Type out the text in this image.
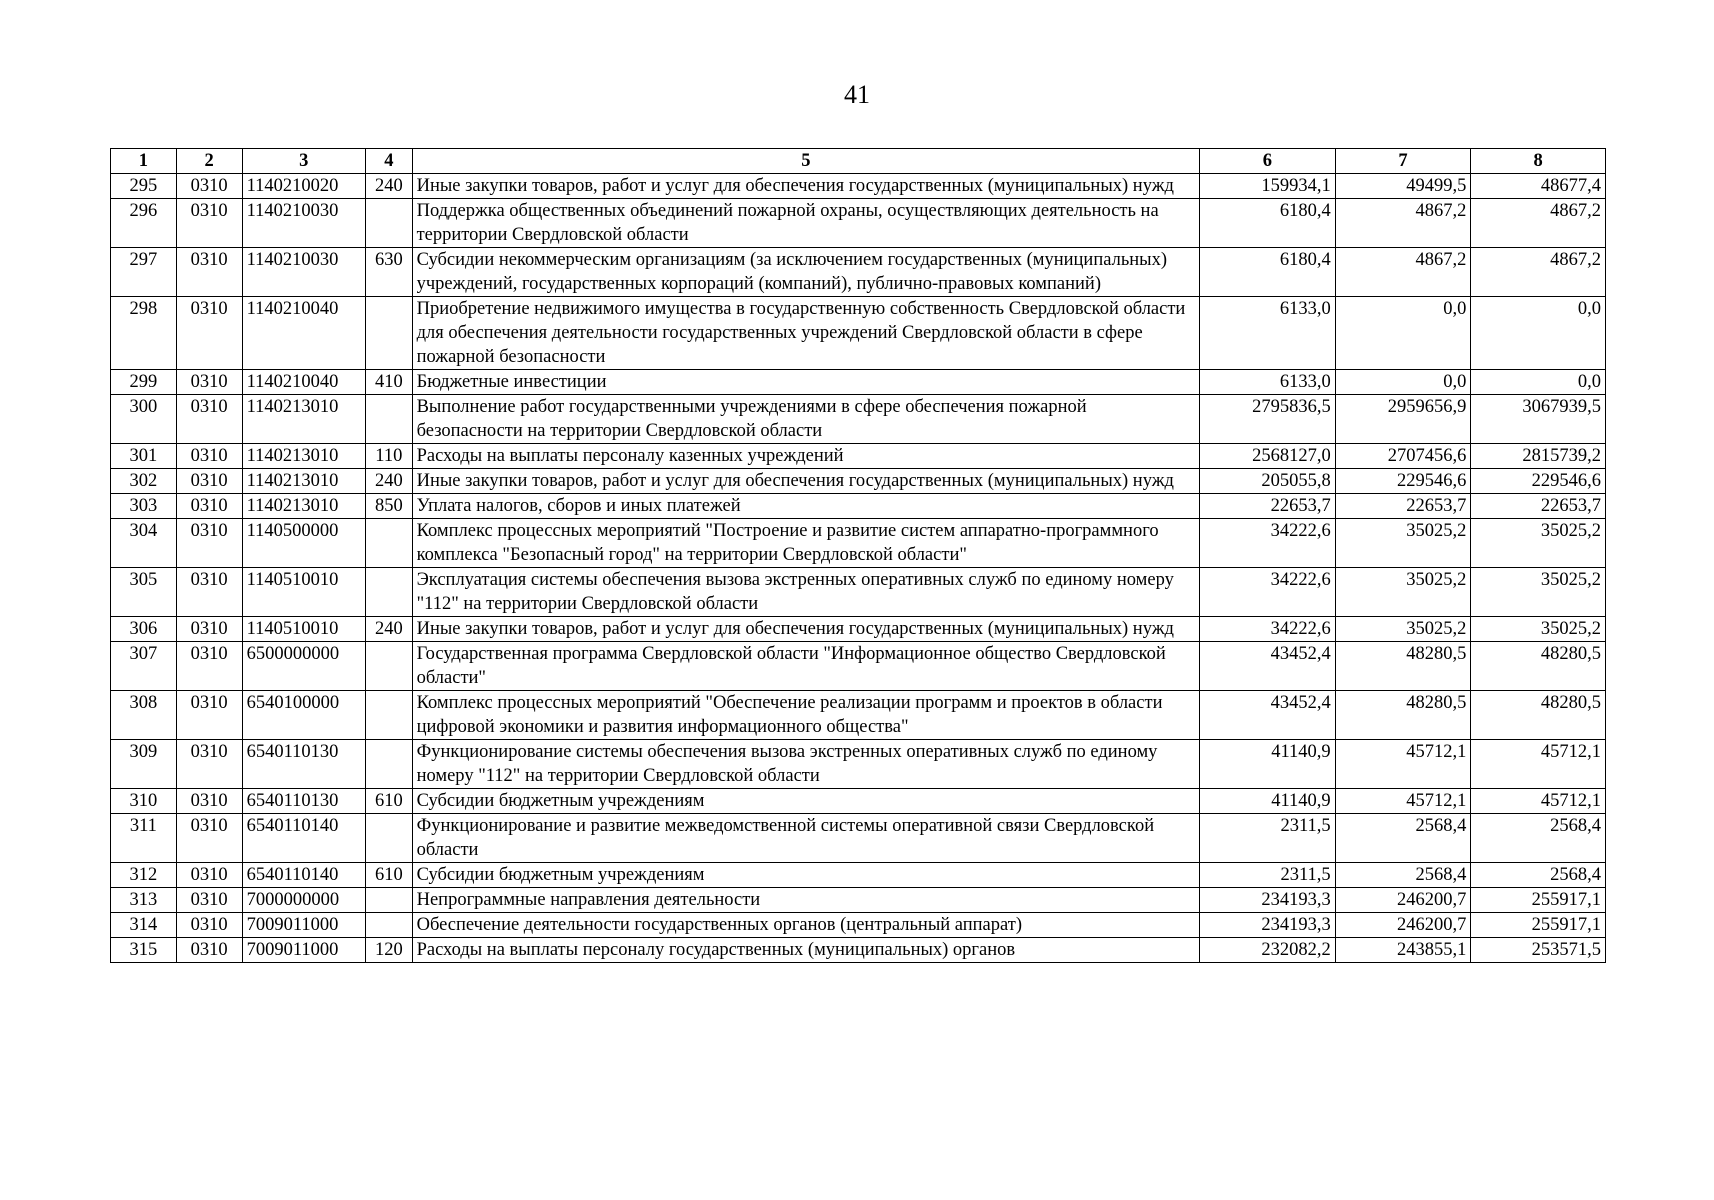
41
1	2	3	4	5	6	7	8
295	0310	1140210020	240	Иные закупки товаров, работ и услуг для обеспечения государственных (муниципальных) нужд	159934,1	49499,5	48677,4
296	0310	1140210030		Поддержка общественных объединений пожарной охраны, осуществляющих деятельность на территории Свердловской области	6180,4	4867,2	4867,2
297	0310	1140210030	630	Субсидии некоммерческим организациям (за исключением государственных (муниципальных) учреждений, государственных корпораций (компаний), публично-правовых компаний)	6180,4	4867,2	4867,2
298	0310	1140210040		Приобретение недвижимого имущества в государственную собственность Свердловской области для обеспечения деятельности государственных учреждений Свердловской области в сфере пожарной безопасности	6133,0	0,0	0,0
299	0310	1140210040	410	Бюджетные инвестиции	6133,0	0,0	0,0
300	0310	1140213010		Выполнение работ государственными учреждениями в сфере обеспечения пожарной безопасности на территории Свердловской области	2795836,5	2959656,9	3067939,5
301	0310	1140213010	110	Расходы на выплаты персоналу казенных учреждений	2568127,0	2707456,6	2815739,2
302	0310	1140213010	240	Иные закупки товаров, работ и услуг для обеспечения государственных (муниципальных) нужд	205055,8	229546,6	229546,6
303	0310	1140213010	850	Уплата налогов, сборов и иных платежей	22653,7	22653,7	22653,7
304	0310	1140500000		Комплекс процессных мероприятий "Построение и развитие систем аппаратно-программного комплекса "Безопасный город" на территории Свердловской области"	34222,6	35025,2	35025,2
305	0310	1140510010		Эксплуатация системы обеспечения вызова экстренных оперативных служб по единому номеру "112" на территории Свердловской области	34222,6	35025,2	35025,2
306	0310	1140510010	240	Иные закупки товаров, работ и услуг для обеспечения государственных (муниципальных) нужд	34222,6	35025,2	35025,2
307	0310	6500000000		Государственная программа Свердловской области "Информационное общество Свердловской области"	43452,4	48280,5	48280,5
308	0310	6540100000		Комплекс процессных мероприятий "Обеспечение реализации программ и проектов в области цифровой экономики и развития информационного общества"	43452,4	48280,5	48280,5
309	0310	6540110130		Функционирование системы обеспечения вызова экстренных оперативных служб по единому номеру "112" на территории Свердловской области	41140,9	45712,1	45712,1
310	0310	6540110130	610	Субсидии бюджетным учреждениям	41140,9	45712,1	45712,1
311	0310	6540110140		Функционирование и развитие межведомственной системы оперативной связи Свердловской области	2311,5	2568,4	2568,4
312	0310	6540110140	610	Субсидии бюджетным учреждениям	2311,5	2568,4	2568,4
313	0310	7000000000		Непрограммные направления деятельности	234193,3	246200,7	255917,1
314	0310	7009011000		Обеспечение деятельности государственных органов (центральный аппарат)	234193,3	246200,7	255917,1
315	0310	7009011000	120	Расходы на выплаты персоналу государственных (муниципальных) органов	232082,2	243855,1	253571,5
